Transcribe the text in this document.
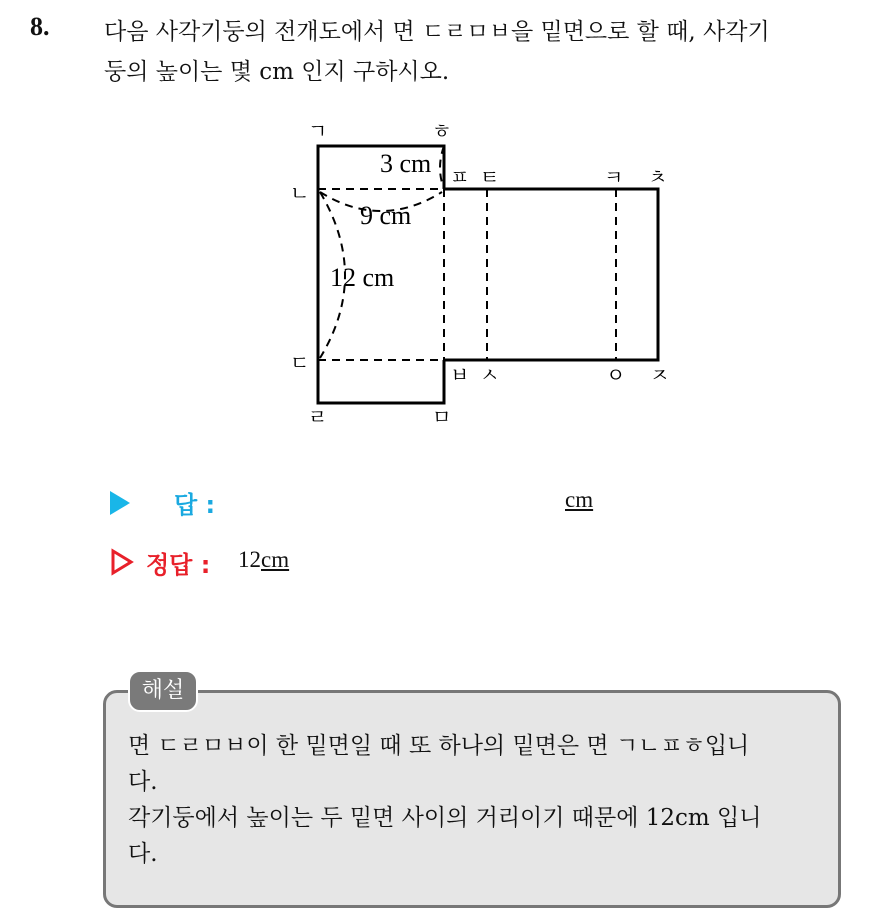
8. 다음 사각기둥의 전개도에서 면 ㄷㄹㅁㅂ을 밑면으로 할 때, 사각기
둥의 높이는 몇 cm 인지 구하시오.
ㄱ	ㅎ
ㄴ
ㄷ
ㄹ	ㅁ
ㅍ ㅌ	ㅋ ㅊ
ㅂ ㅅ	ㅇ ㅈ
3 cm
9 cm
12 cm
답 :	cm
정답 : 12cm
해설
면 ㄷㄹㅁㅂ이 한 밑면일 때 또 하나의 밑면은 면 ㄱㄴㅍㅎ입니
다.
각기둥에서 높이는 두 밑면 사이의 거리이기 때문에 12cm 입니
다.
